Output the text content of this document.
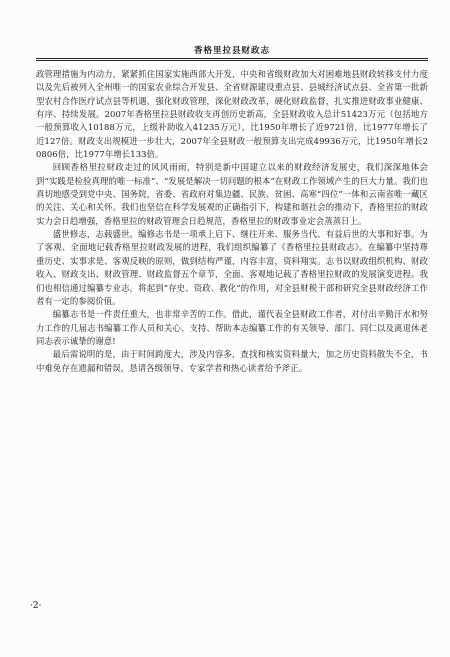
香格里拉县财政志

政管理措施为内动力，紧紧抓住国家实施西部大开发，中央和省级财政加大对困难地县财政转移支付力度以及先后被列入全州唯一的国家农业综合开发县、全省财源建设重点县、县城经济试点县、全省第一批新型农村合作医疗试点县等机遇，强化财政管理，深化财政改革，硬化财政监督，扎实推进财政事业健康、有序、持续发展。2007年香格里拉县财政收支再创历史新高，全县财政收入总计51423万元（包括地方一般预算收入10188万元，上级补助收入41235万元），比1950年增长了近9721倍，比1977年增长了近127倍。财政支出规模进一步壮大，2007年全县财政一般预算支出完成49936万元，比1950年增长20806倍，比1977年增长133倍。

回顾香格里拉财政走过的风风雨雨，特别是新中国建立以来的财政经济发展史，我们深深地体会到“实践是检验真理的唯一标准”、“发展是解决一切问题的根本”在财政工作领域产生的巨大力量。我们也真切地感受到党中央、国务院，省委、省政府对集边疆、民族、贫困、高寒“四位”一体和云南省唯一藏区的关注、关心和关怀。我们也坚信在科学发展观的正确指引下，构建和谐社会的推动下，香格里拉的财政实力会日趋增强，香格里拉的财政管理会日趋规范，香格里拉的财政事业定会蒸蒸日上。

盛世修志，志载盛世。编修志书是一项承上启下、继往开来、服务当代、有益后世的大事和好事。为了客观、全面地记载香格里拉财政发展的进程，我们组织编纂了《香格里拉县财政志》。在编纂中坚持尊重历史、实事求是、客观反映的原则，做到结构严谨，内容丰富，资料翔实。志书以财政组织机构、财政收入、财政支出、财政管理、财政监督五个章节，全面、客观地记载了香格里拉财政的发展演变进程。我们也相信通过编纂专业志，将起到“存史、资政、教化”的作用，对全县财税干部和研究全县财政经济工作者有一定的参阅价值。

编纂志书是一件责任重大，也非常辛苦的工作。借此，谨代表全县财政工作者，对付出辛勤汗水和努力工作的几届志书编纂工作人员和关心、支持、帮助本志编纂工作的有关领导、部门、同仁以及离退休老同志表示诚挚的谢意!

最后需说明的是，由于时间跨度大，涉及内容多，查找和核实资料量大，加之历史资料散失不全，书中难免存在遗漏和错误，恳请各级领导、专家学者和热心读者给予斧正。

·2·
